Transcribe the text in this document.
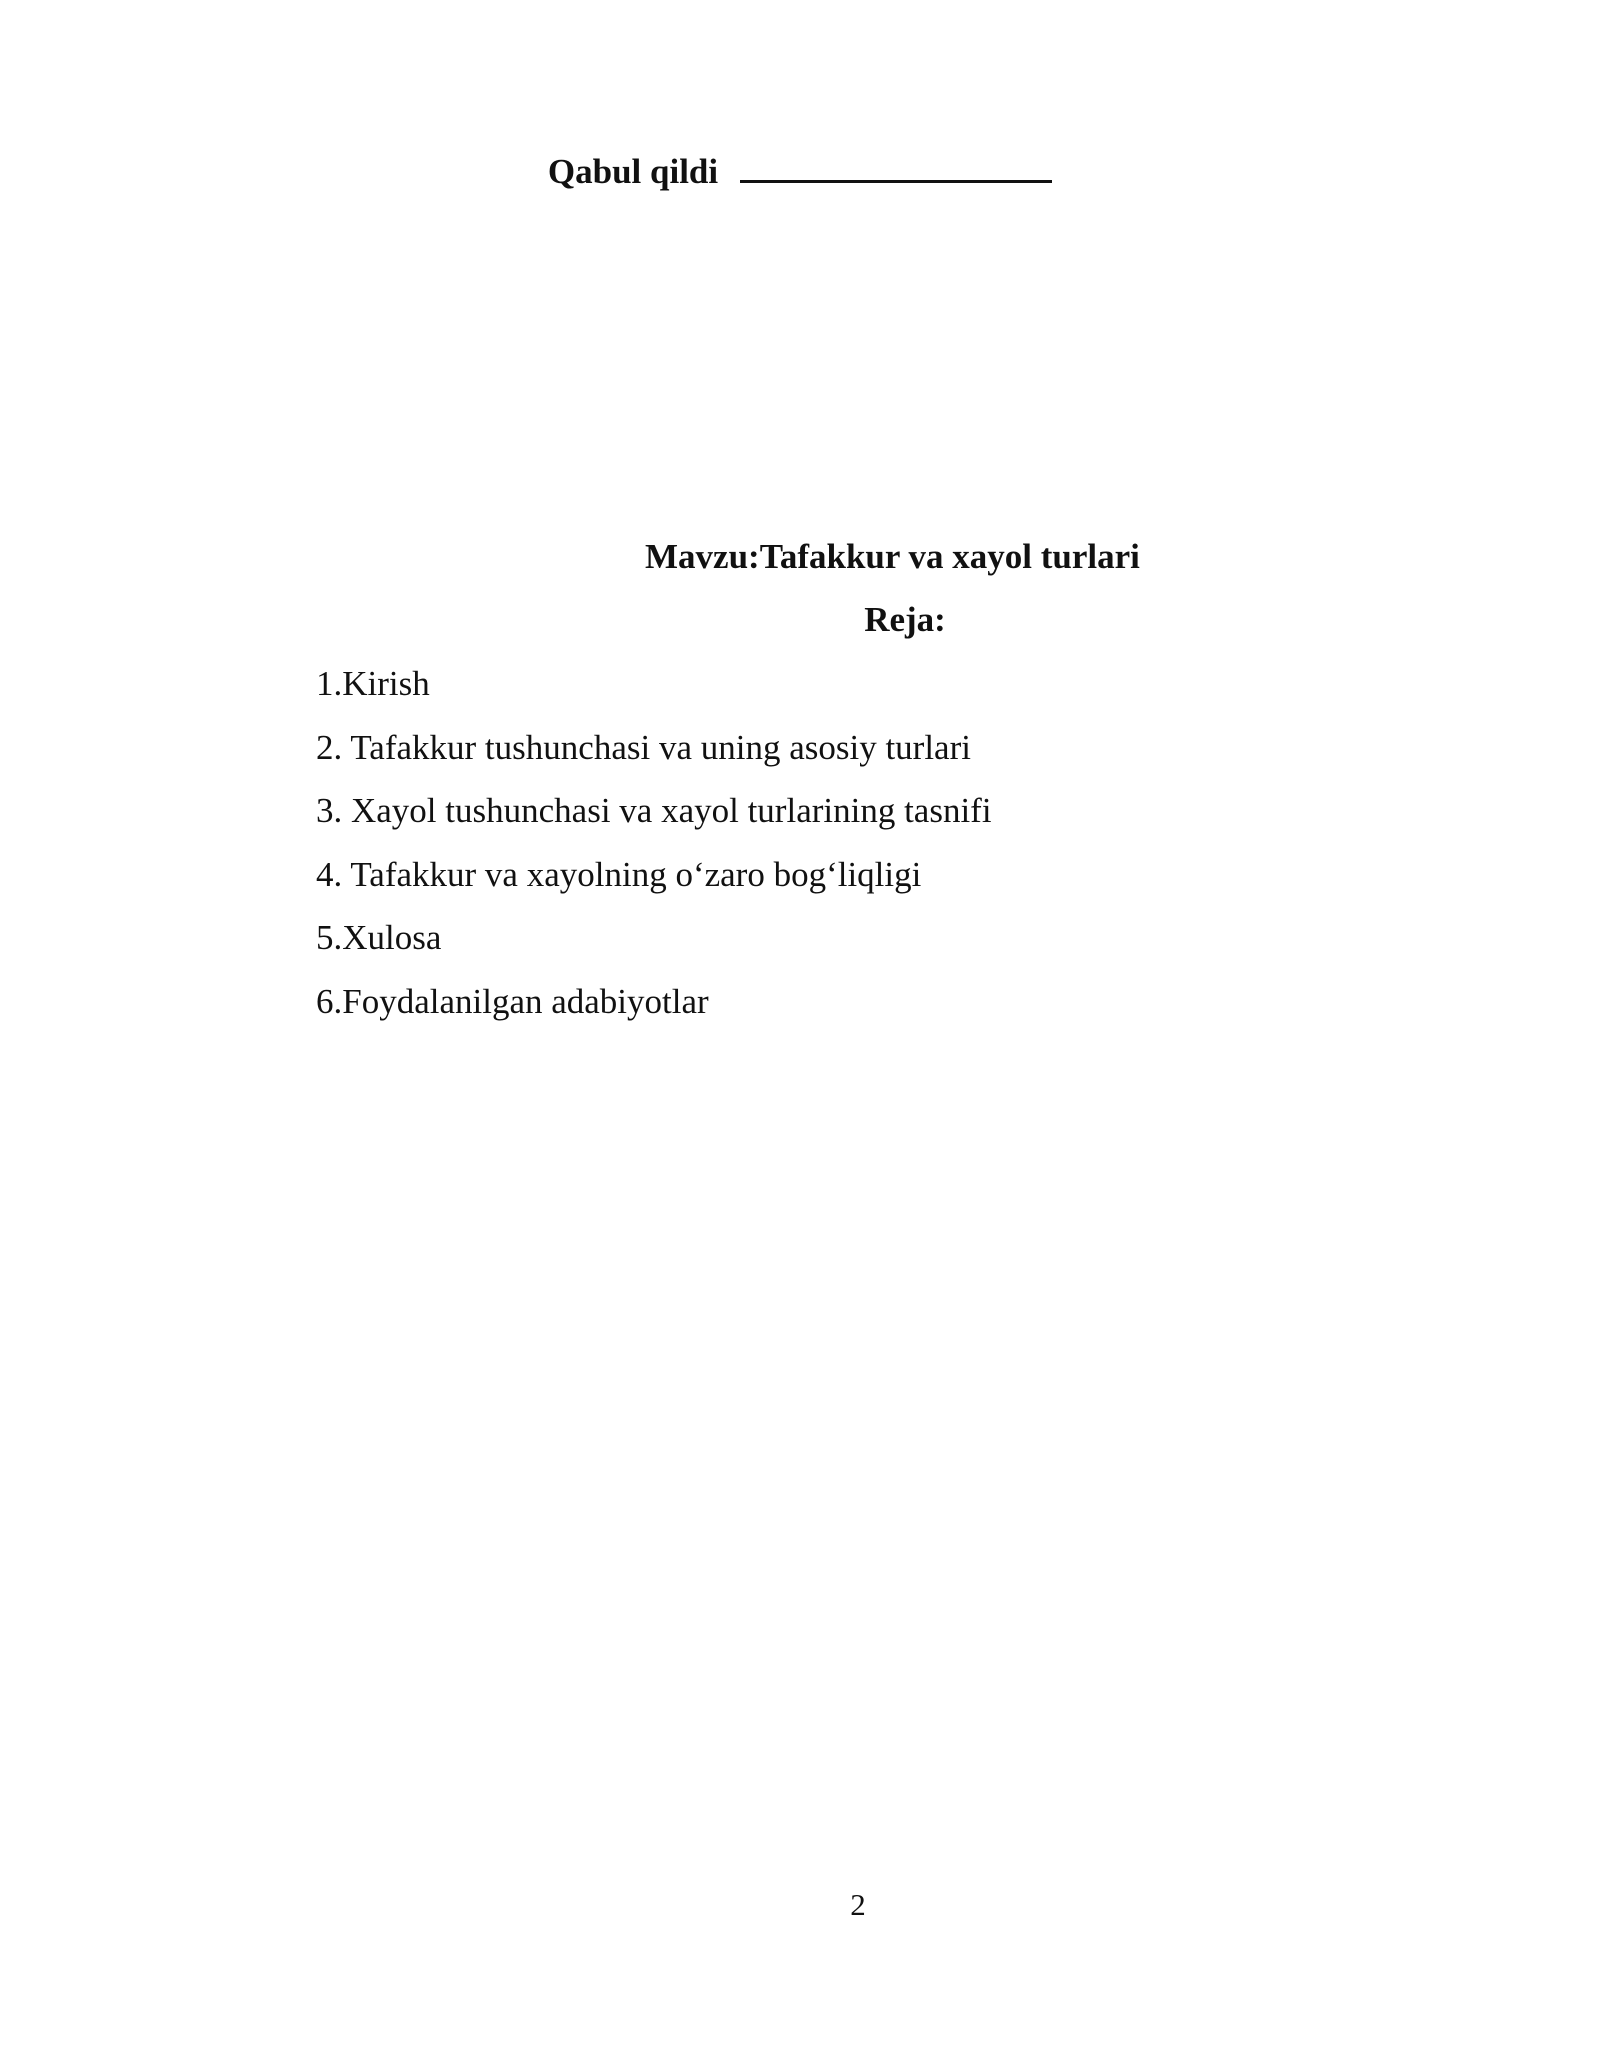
Qabul qildi
Mavzu:Tafakkur va xayol turlari
Reja:
1.Kirish
2. Tafakkur tushunchasi va uning asosiy turlari
3. Xayol tushunchasi va xayol turlarining tasnifi
4. Tafakkur va xayolning o‘zaro bog‘liqligi
5.Xulosa
6.Foydalanilgan adabiyotlar
2
